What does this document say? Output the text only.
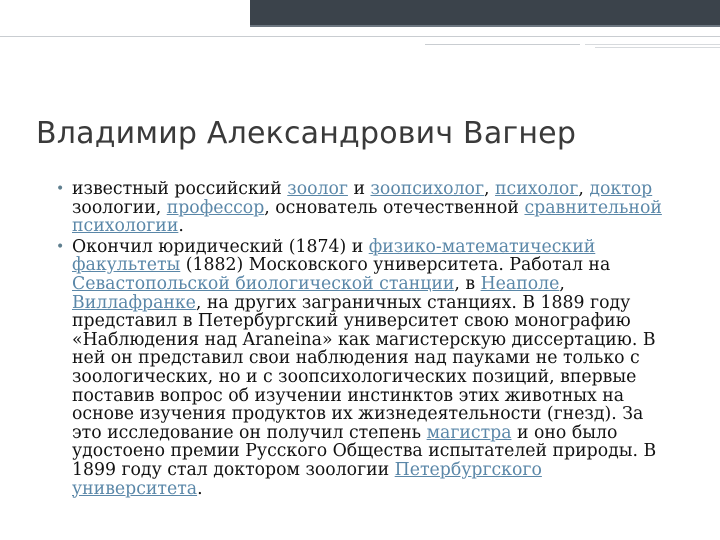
Владимир Александрович Вагнер

• известный российский зоолог и зоопсихолог, психолог, доктор зоологии, профессор, основатель отечественной сравнительной психологии.

• Окончил юридический (1874) и физико-математический факультеты (1882) Московского университета. Работал на Севастопольской биологической станции, в Неаполе, Виллафранке, на других заграничных станциях. В 1889 году представил в Петербургский университет свою монографию «Наблюдения над Araneina» как магистерскую диссертацию. В ней он представил свои наблюдения над пауками не только с зоологических, но и с зоопсихологических позиций, впервые поставив вопрос об изучении инстинктов этих животных на основе изучения продуктов их жизнедеятельности (гнезд). За это исследование он получил степень магистра и оно было удостоено премии Русского Общества испытателей природы. В 1899 году стал доктором зоологии Петербургского университета.
